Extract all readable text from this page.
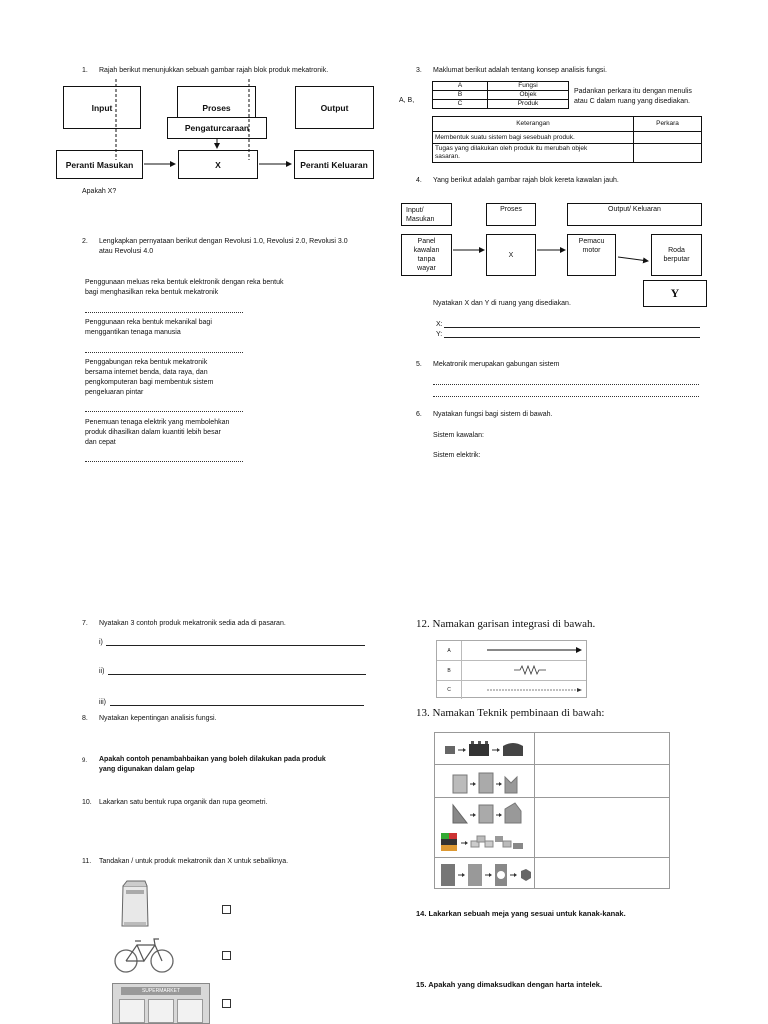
1. Rajah berikut menunjukkan sebuah gambar rajah blok produk mekatronik.
Input	Proses	Output
Pengaturcaraan
Peranti Masukan	X	Peranti Keluaran
Apakah X?
2. Lengkapkan pernyataan berikut dengan Revolusi 1.0, Revolusi 2.0, Revolusi 3.0
atau Revolusi 4.0
Penggunaan meluas reka bentuk elektronik dengan reka bentuk
bagi menghasilkan reka bentuk mekatronik
Penggunaan reka bentuk mekanikal bagi
menggantikan tenaga manusia
Penggabungan reka bentuk mekatronik
bersama internet benda, data raya, dan
pengkomputeran bagi membentuk sistem
pengeluaran pintar
Penemuan tenaga elektrik yang membolehkan
produk dihasilkan dalam kuantiti lebih besar
dan cepat
3. Maklumat berikut adalah tentang konsep analisis fungsi.
A, B,
A	Fungsi
B	Objek
C	Produk
Padankan perkara itu dengan menulis
atau C dalam ruang yang disediakan.
Keterangan	Perkara
Membentuk suatu sistem bagi sesebuah produk.	
Tugas yang dilakukan oleh produk itu merubah objek
sasaran.	
4. Yang berikut adalah gambar rajah blok kereta kawalan jauh.
Input/ Masukan
Proses	Output/ Keluaran
Panel kawalan tanpa wayar
X
Pemacu motor	Roda berputar
Y
Nyatakan X dan Y di ruang yang disediakan.
X:
Y:
5. Mekatronik merupakan gabungan sistem
6. Nyatakan fungsi bagi sistem di bawah.
Sistem kawalan:
Sistem elektrik:
7. Nyatakan 3 contoh produk mekatronik sedia ada di pasaran.
i)
ii)
iii)
8. Nyatakan kepentingan analisis fungsi.
9. Apakah contoh penambahbaikan yang boleh dilakukan pada produk
yang digunakan dalam gelap
10. Lakarkan satu bentuk rupa organik dan rupa geometri.
11. Tandakan / untuk produk mekatronik dan X untuk sebaliknya.
SUPERMARKET
12. Namakan garisan integrasi di bawah.
A
B
C
13. Namakan Teknik pembinaan di bawah:
14. Lakarkan sebuah meja yang sesuai untuk kanak-kanak.
15. Apakah yang dimaksudkan dengan harta intelek.
